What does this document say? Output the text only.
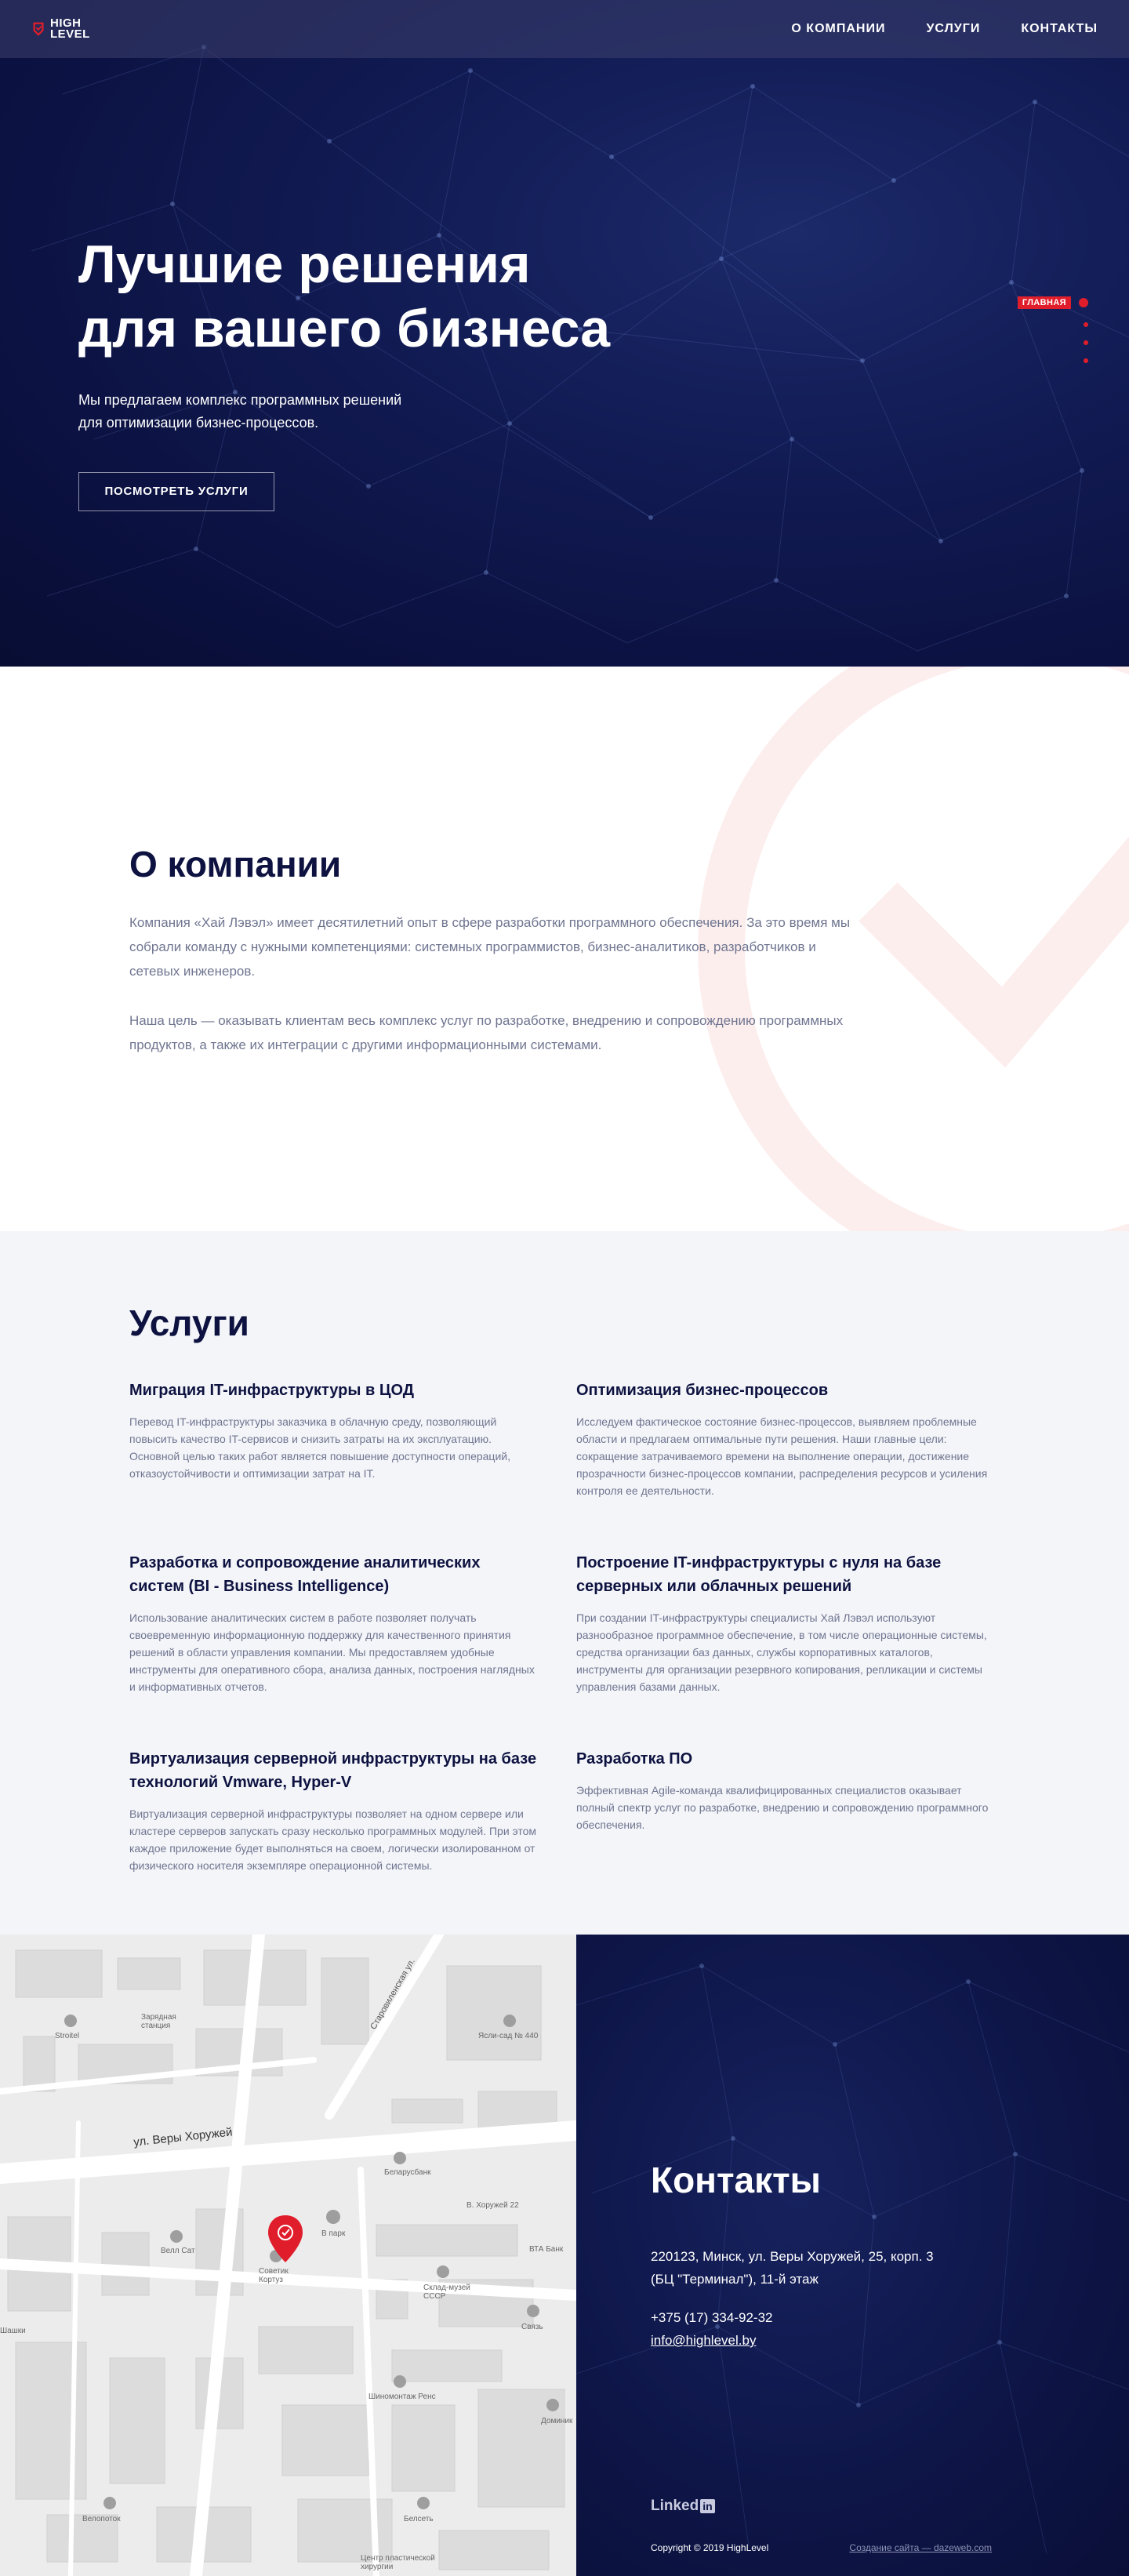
HIGH
LEVEL	О КОМПАНИИ	УСЛУГИ	КОНТАКТЫ
Лучшие решения
для вашего бизнеса

Мы предлагаем комплекс программных решений
для оптимизации бизнес-процессов.

ПОСМОТРЕТЬ УСЛУГИ
ГЛАВНАЯ
О компании

Компания «Хай Лэвэл» имеет десятилетний опыт в сфере разработки программного обеспечения. За это время мы собрали команду с нужными компетенциями: системных программистов, бизнес-аналитиков, разработчиков и сетевых инженеров.

Наша цель — оказывать клиентам весь комплекс услуг по разработке, внедрению и сопровождению программных продуктов, а также их интеграции с другими информационными системами.

Услуги
Миграция IT-инфраструктуры в ЦОД

Перевод IT-инфраструктуры заказчика в облачную среду, позволяющий повысить качество IT-сервисов и снизить затраты на их эксплуатацию. Основной целью таких работ является повышение доступности операций, отказоустойчивости и оптимизации затрат на IT.

Оптимизация бизнес-процессов

Исследуем фактическое состояние бизнес-процессов, выявляем проблемные области и предлагаем оптимальные пути решения. Наши главные цели: сокращение затрачиваемого времени на выполнение операции, достижение прозрачности бизнес-процессов компании, распределения ресурсов и усиления контроля ее деятельности.

Разработка и сопровождение аналитических систем (BI - Business Intelligence)

Использование аналитических систем в работе позволяет получать своевременную информационную поддержку для качественного принятия решений в области управления компании. Мы предоставляем удобные инструменты для оперативного сбора, анализа данных, построения наглядных и информативных отчетов.

Построение IT-инфраструктуры с нуля на базе серверных или облачных решений

При создании IT-инфраструктуры специалисты Хай Лэвэл используют разнообразное программное обеспечение, в том числе операционные системы, средства организации баз данных, службы корпоративных каталогов, инструменты для организации резервного копирования, репликации и системы управления базами данных.

Виртуализация серверной инфраструктуры на базе технологий Vmware, Hyper-V

Виртуализация серверной инфраструктуры позволяет на одном сервере или кластере серверов запускать сразу несколько программных модулей. При этом каждое приложение будет выполняться на своем, логически изолированном от физического носителя экземпляре операционной системы.

Разработка ПО

Эффективная Agile-команда квалифицированных специалистов оказывает полный спектр услуг по разработке, внедрению и сопровождению программного обеспечения.

ул. Веры Хоружей
Старовиленская ул.
Stroitel
Зарядная станция
Ясли-сад № 440
Беларусбанк
Велл Сат
В парк
Советик Кортуз
Склад-музей СССР
В. Хоружей 22
ВТА Банк
Связь
Шашки
Шиномонтаж Ренс
Велопоток	Белсеть
Доминик
Центр пластической хирургии
Контакты

220123, Минск, ул. Веры Хоружей, 25, корп. 3
(БЦ "Терминал"), 11-й этаж

+375 (17) 334-92-32

info@highlevel.by
Linked in
Copyright © 2019 HighLevel	Создание сайта — dazeweb.com
